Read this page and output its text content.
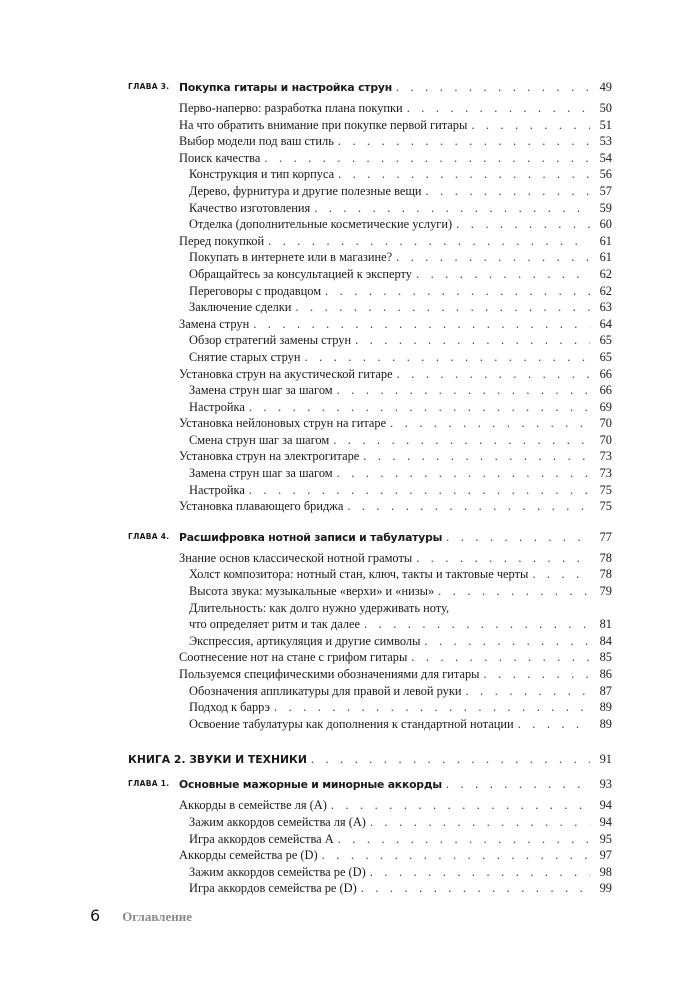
ГЛАВА 3. Покупка гитары и настройка струн . . .	49
Перво-наперво: разработка плана покупки . . .	50
На что обратить внимание при покупке первой гитары . . .	51
Выбор модели под ваш стиль . . .	53
Поиск качества . . .	54
Конструкция и тип корпуса . . .	56
Дерево, фурнитура и другие полезные вещи . . .	57
Качество изготовления . . .	59
Отделка (дополнительные косметические услуги) . . .	60
Перед покупкой . . .	61
Покупать в интернете или в магазине? . . .	61
Обращайтесь за консультацией к эксперту . . .	62
Переговоры с продавцом . . .	62
Заключение сделки . . .	63
Замена струн . . .	64
Обзор стратегий замены струн . . .	65
Снятие старых струн . . .	65
Установка струн на акустической гитаре . . .	66
Замена струн шаг за шагом . . .	66
Настройка . . .	69
Установка нейлоновых струн на гитаре . . .	70
Смена струн шаг за шагом . . .	70
Установка струн на электрогитаре . . .	73
Замена струн шаг за шагом . . .	73
Настройка . . .	75
Установка плавающего бриджа . . .	75
ГЛАВА 4. Расшифровка нотной записи и табулатуры . . .	77
Знание основ классической нотной грамоты . . .	78
Холст композитора: нотный стан, ключ, такты и тактовые черты . . .	78
Высота звука: музыкальные «верхи» и «низы» . . .	79
Длительность: как долго нужно удерживать ноту,
что определяет ритм и так далее . . .	81
Экспрессия, артикуляция и другие символы . . .	84
Соотнесение нот на стане с грифом гитары . . .	85
Пользуемся специфическими обозначениями для гитары . . .	86
Обозначения аппликатуры для правой и левой руки . . .	87
Подход к баррэ . . .	89
Освоение табулатуры как дополнения к стандартной нотации . . .	89
КНИГА 2. ЗВУКИ И ТЕХНИКИ . . .	91
ГЛАВА 1. Основные мажорные и минорные аккорды . . .	93
Аккорды в семействе ля (A) . . .	94
Зажим аккордов семейства ля (A) . . .	94
Игра аккордов семейства A . . .	95
Аккорды семейства ре (D) . . .	97
Зажим аккордов семейства ре (D) . . .	98
Игра аккордов семейства ре (D) . . .	99
6 Оглавление
